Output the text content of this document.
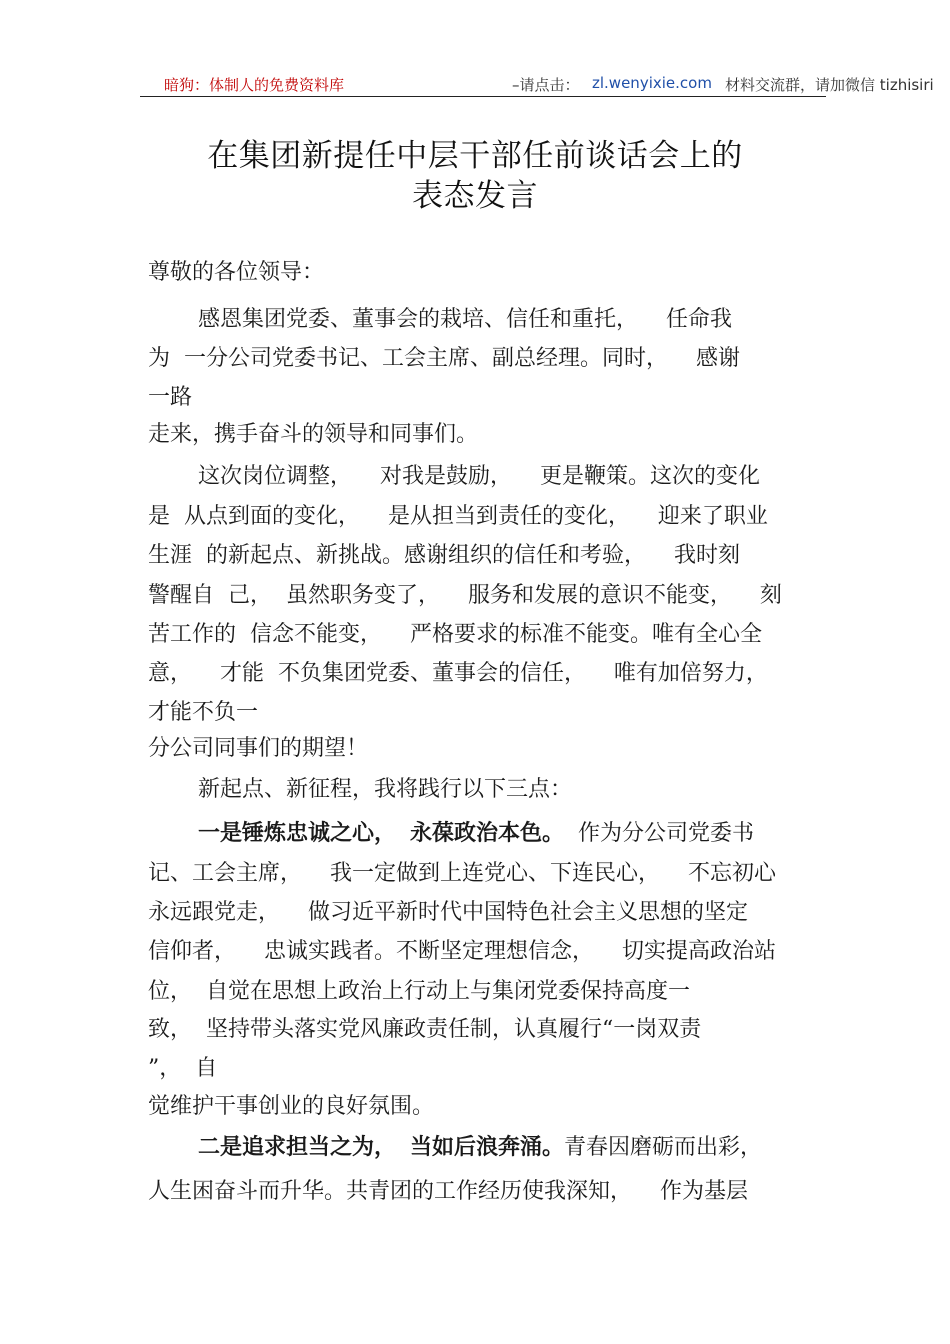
暗狗：体制人的免费资料库	–请点击： zl.wenyixie.com 材料交流群，请加微信 tizhisiri
在集团新提任中层干部任前谈话会上的
表态发言
尊敬的各位领导：
感恩集团党委、董事会的栽培、信任和重托，    任命我
为  一分公司党委书记、工会主席、副总经理。同时，    感谢
一路
走来，携手奋斗的领导和同事们。
这次岗位调整，    对我是鼓励，    更是鞭策。这次的变化
是  从点到面的变化，    是从担当到责任的变化，    迎来了职业
生涯  的新起点、新挑战。感谢组织的信任和考验，    我时刻
警醒自  己，  虽然职务变了，    服务和发展的意识不能变，    刻
苦工作的  信念不能变，    严格要求的标准不能变。唯有全心全
意，    才能  不负集团党委、董事会的信任，    唯有加倍努力，
才能不负一
分公司同事们的期望！
新起点、新征程，我将践行以下三点：
一是锤炼忠诚之心， 永葆政治本色。  作为分公司党委书
记、工会主席，    我一定做到上连党心、下连民心，    不忘初心
永远跟党走，    做习近平新时代中国特色社会主义思想的坚定
信仰者，    忠诚实践者。不断坚定理想信念，    切实提高政治站
位，  自觉在思想上政治上行动上与集闭党委保持高度一
致，  坚持带头落实党风廉政责任制，认真履行“一岗双责
”，  自
觉维护干事创业的良好氛围。
二是追求担当之为， 当如后浪奔涌。青春因磨砺而出彩，
人生困奋斗而升华。共青团的工作经历使我深知，    作为基层
